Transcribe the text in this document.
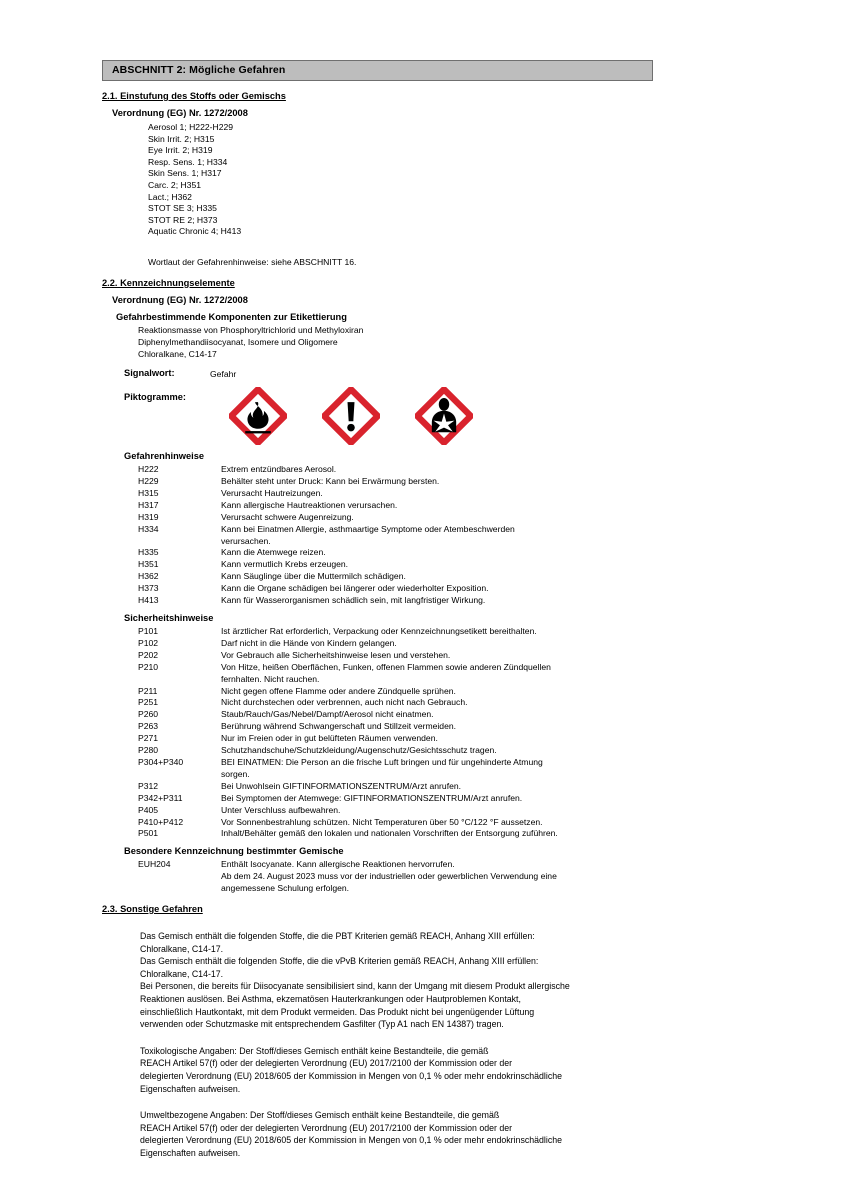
ABSCHNITT 2: Mögliche Gefahren
2.1. Einstufung des Stoffs oder Gemischs
Verordnung (EG) Nr. 1272/2008
Aerosol 1; H222-H229
Skin Irrit. 2; H315
Eye Irrit. 2; H319
Resp. Sens. 1; H334
Skin Sens. 1; H317
Carc. 2; H351
Lact.; H362
STOT SE 3; H335
STOT RE 2; H373
Aquatic Chronic 4; H413
Wortlaut der Gefahrenhinweise: siehe ABSCHNITT 16.
2.2. Kennzeichnungselemente
Verordnung (EG) Nr. 1272/2008
Gefahrbestimmende Komponenten zur Etikettierung
Reaktionsmasse von Phosphoryltrichlorid und Methyloxiran
Diphenylmethandiisocyanat, Isomere und Oligomere
Chloralkane, C14-17
Signalwort:	Gefahr
Piktogramme:
Gefahrenhinweise
H222	Extrem entzündbares Aerosol.
H229	Behälter steht unter Druck: Kann bei Erwärmung bersten.
H315	Verursacht Hautreizungen.
H317	Kann allergische Hautreaktionen verursachen.
H319	Verursacht schwere Augenreizung.
H334	Kann bei Einatmen Allergie, asthmaartige Symptome oder Atembeschwerden
verursachen.
H335	Kann die Atemwege reizen.
H351	Kann vermutlich Krebs erzeugen.
H362	Kann Säuglinge über die Muttermilch schädigen.
H373	Kann die Organe schädigen bei längerer oder wiederholter Exposition.
H413	Kann für Wasserorganismen schädlich sein, mit langfristiger Wirkung.
Sicherheitshinweise
P101	Ist ärztlicher Rat erforderlich, Verpackung oder Kennzeichnungsetikett bereithalten.
P102	Darf nicht in die Hände von Kindern gelangen.
P202	Vor Gebrauch alle Sicherheitshinweise lesen und verstehen.
P210	Von Hitze, heißen Oberflächen, Funken, offenen Flammen sowie anderen Zündquellen
fernhalten. Nicht rauchen.
P211	Nicht gegen offene Flamme oder andere Zündquelle sprühen.
P251	Nicht durchstechen oder verbrennen, auch nicht nach Gebrauch.
P260	Staub/Rauch/Gas/Nebel/Dampf/Aerosol nicht einatmen.
P263	Berührung während Schwangerschaft und Stillzeit vermeiden.
P271	Nur im Freien oder in gut belüfteten Räumen verwenden.
P280	Schutzhandschuhe/Schutzkleidung/Augenschutz/Gesichtsschutz tragen.
P304+P340	BEI EINATMEN: Die Person an die frische Luft bringen und für ungehinderte Atmung
sorgen.
P312	Bei Unwohlsein GIFTINFORMATIONSZENTRUM/Arzt anrufen.
P342+P311	Bei Symptomen der Atemwege: GIFTINFORMATIONSZENTRUM/Arzt anrufen.
P405	Unter Verschluss aufbewahren.
P410+P412	Vor Sonnenbestrahlung schützen. Nicht Temperaturen über 50 °C/122 °F aussetzen.
P501	Inhalt/Behälter gemäß den lokalen und nationalen Vorschriften der Entsorgung zuführen.
Besondere Kennzeichnung bestimmter Gemische
EUH204	Enthält Isocyanate. Kann allergische Reaktionen hervorrufen.
Ab dem 24. August 2023 muss vor der industriellen oder gewerblichen Verwendung eine
angemessene Schulung erfolgen.
2.3. Sonstige Gefahren
Das Gemisch enthält die folgenden Stoffe, die die PBT Kriterien gemäß REACH, Anhang XIII erfüllen:
Chloralkane, C14-17.
Das Gemisch enthält die folgenden Stoffe, die die vPvB Kriterien gemäß REACH, Anhang XIII erfüllen:
Chloralkane, C14-17.
Bei Personen, die bereits für Diisocyanate sensibilisiert sind, kann der Umgang mit diesem Produkt allergische
Reaktionen auslösen. Bei Asthma, ekzematösen Hauterkrankungen oder Hautproblemen Kontakt,
einschließlich Hautkontakt, mit dem Produkt vermeiden. Das Produkt nicht bei ungenügender Lüftung
verwenden oder Schutzmaske mit entsprechendem Gasfilter (Typ A1 nach EN 14387) tragen.
Toxikologische Angaben: Der Stoff/dieses Gemisch enthält keine Bestandteile, die gemäß
REACH Artikel 57(f) oder der delegierten Verordnung (EU) 2017/2100 der Kommission oder der
delegierten Verordnung (EU) 2018/605 der Kommission in Mengen von 0,1 % oder mehr endokrinschädliche
Eigenschaften aufweisen.
Umweltbezogene Angaben: Der Stoff/dieses Gemisch enthält keine Bestandteile, die gemäß
REACH Artikel 57(f) oder der delegierten Verordnung (EU) 2017/2100 der Kommission oder der
delegierten Verordnung (EU) 2018/605 der Kommission in Mengen von 0,1 % oder mehr endokrinschädliche
Eigenschaften aufweisen.
